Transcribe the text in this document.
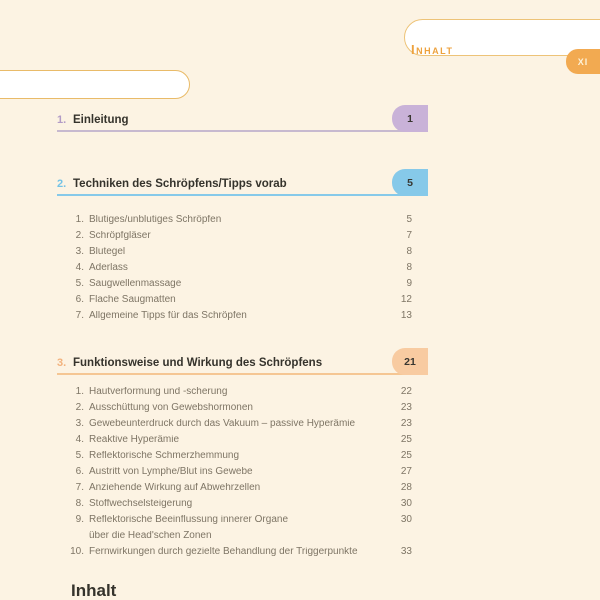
Inhalt
XI
Inhalt
1. Einleitung	1
2. Techniken des Schröpfens/Tipps vorab	5
1. Blutiges/unblutiges Schröpfen	5
2. Schröpfgläser	7
3. Blutegel	8
4. Aderlass	8
5. Saugwellenmassage	9
6. Flache Saugmatten	12
7. Allgemeine Tipps für das Schröpfen	13
3. Funktionsweise und Wirkung des Schröpfens	21
1. Hautverformung und -scherung	22
2. Ausschüttung von Gewebshormonen	23
3. Gewebeunterdruck durch das Vakuum – passive Hyperämie	23
4. Reaktive Hyperämie	25
5. Reflektorische Schmerzhemmung	25
6. Austritt von Lymphe/Blut ins Gewebe	27
7. Anziehende Wirkung auf Abwehrzellen	28
8. Stoffwechselsteigerung	30
9. Reflektorische Beeinflussung innerer Organe	30
über die Head'schen Zonen
10. Fernwirkungen durch gezielte Behandlung der Triggerpunkte	33
